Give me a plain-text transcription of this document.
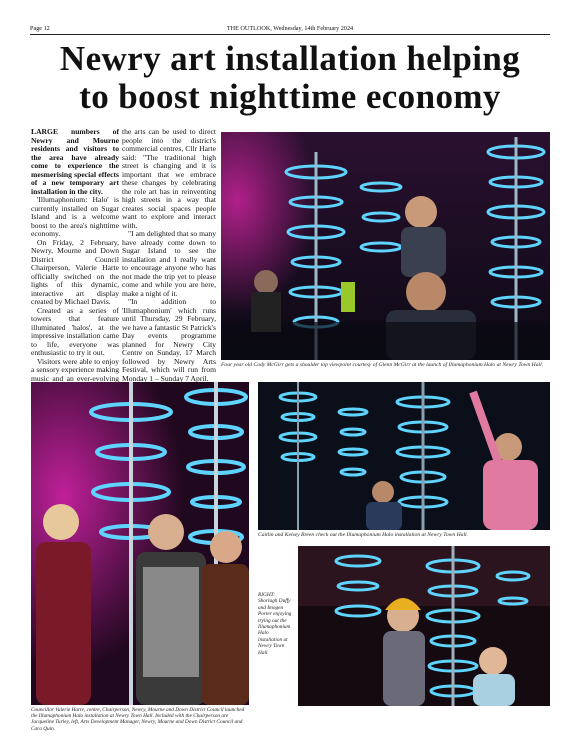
Page 12	THE OUTLOOK, Wednesday, 14th February 2024
Newry art installation helping
to boost nighttime economy

LARGE numbers of Newry and Mourne residents and visitors to the area have already come to experience the mesmerising special effects of a new temporary art installation in the city.

'Illumaphonium: Halo' is currently installed on Sugar Island and is a welcome boost to the area's nighttime economy.

On Friday, 2 February, Newry, Mourne and Down District Council Chairperson, Valerie Harte officially switched on the lights of this dynamic, interactive art display created by Michael Davis.

Created as a series of towers that feature illuminated 'halos', at the impressive installation came to life, everyone was enthusiastic to try it out.

Visitors were able to enjoy a sensory experience making music and an ever-evolving

the arts can be used to direct people into the district's commercial centres, Cllr Harte said: "The traditional high street is changing and it is important that we embrace these changes by celebrating the role art has in reinventing high streets in a way that creates social spaces people want to explore and interact with.

"I am delighted that so many have already come down to Sugar Island to see the installation and I really want to encourage anyone who has not made the trip yet to please come and while you are here, make a night of it.

"In addition to 'Illumaphonium' which runs until Thursday, 29 February, we have a fantastic St Patrick's Day events programme planned for Newry City Centre on Sunday, 17 March followed by Newry Arts Festival, which will run from Monday 1 – Sunday 7 April.

Four year old Cody McGirr gets a shoulder top viewpoint courtesy of Glenn McGirr at the launch of Illumaphonium Halo at Newry Town Hall.
Councillor Valerie Harte, centre, Chairperson, Newry, Mourne and Down District Council launched the Illumaphonium Halo installation at Newry Town Hall. Included with the Chairperson are Jacqueline Turley, left, Arts Development Manager, Newry, Mourne and Down District Council and Cara Quin.
Caitlin and Kelsey Breen check out the Illumaphonium Halo installation at Newry Town Hall.
RIGHT: Shorlagh Duffy and Imogen Porter enjoying trying out the Illumaphonium Halo installation at Newry Town Hall.
